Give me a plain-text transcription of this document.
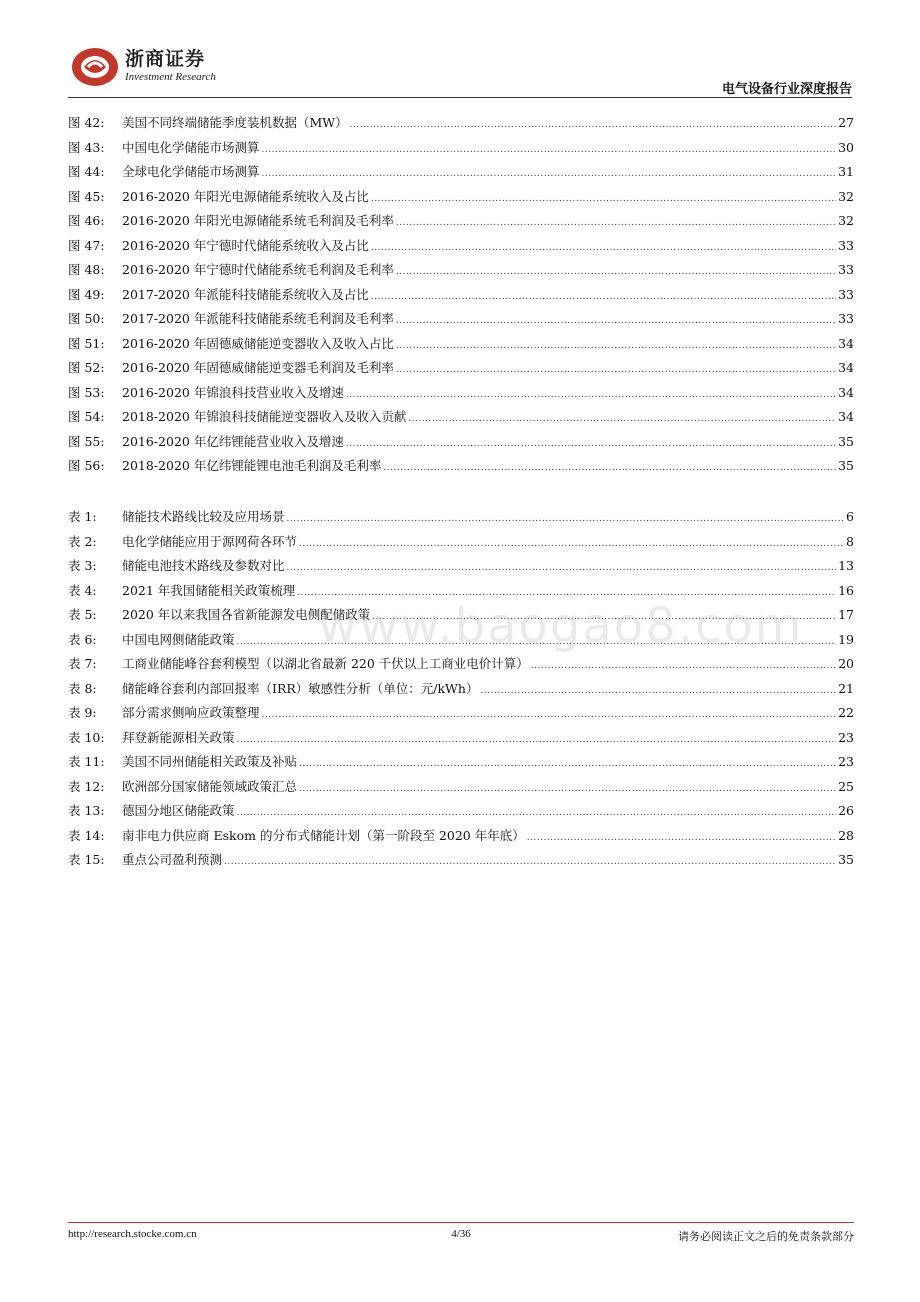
浙商证券
Investment Research
电气设备行业深度报告
图 42:	美国不同终端储能季度装机数据（MW） .....	27
图 43:	中国电化学储能市场测算 .....	30
图 44:	全球电化学储能市场测算 .....	31
图 45:	2016-2020 年阳光电源储能系统收入及占比 .....	32
图 46:	2016-2020 年阳光电源储能系统毛利润及毛利率 .....	32
图 47:	2016-2020 年宁德时代储能系统收入及占比 .....	33
图 48:	2016-2020 年宁德时代储能系统毛利润及毛利率 .....	33
图 49:	2017-2020 年派能科技储能系统收入及占比 .....	33
图 50:	2017-2020 年派能科技储能系统毛利润及毛利率 .....	33
图 51:	2016-2020 年固德威储能逆变器收入及收入占比 .....	34
图 52:	2016-2020 年固德威储能逆变器毛利润及毛利率 .....	34
图 53:	2016-2020 年锦浪科技营业收入及增速 .....	34
图 54:	2018-2020 年锦浪科技储能逆变器收入及收入贡献 .....	34
图 55:	2016-2020 年亿纬锂能营业收入及增速 .....	35
图 56:	2018-2020 年亿纬锂能锂电池毛利润及毛利率 .....	35
表 1:	储能技术路线比较及应用场景 .....	6
表 2:	电化学储能应用于源网荷各环节 .....	8
表 3:	储能电池技术路线及参数对比 .....	13
表 4:	2021 年我国储能相关政策梳理 .....	16
表 5:	2020 年以来我国各省新能源发电侧配储政策 .....	17
表 6:	中国电网侧储能政策 .....	19
表 7:	工商业储能峰谷套利模型（以湖北省最新 220 千伏以上工商业电价计算） .....	20
表 8:	储能峰谷套利内部回报率（IRR）敏感性分析（单位：元/kWh） .....	21
表 9:	部分需求侧响应政策整理 .....	22
表 10:	拜登新能源相关政策 .....	23
表 11:	美国不同州储能相关政策及补贴 .....	23
表 12:	欧洲部分国家储能领域政策汇总 .....	25
表 13:	德国分地区储能政策 .....	26
表 14:	南非电力供应商 Eskom 的分布式储能计划（第一阶段至 2020 年年底） .....	28
表 15:	重点公司盈利预测 .....	35
www.baogao8.com
http://research.stocke.com.cn	4/36	请务必阅读正文之后的免责条款部分
